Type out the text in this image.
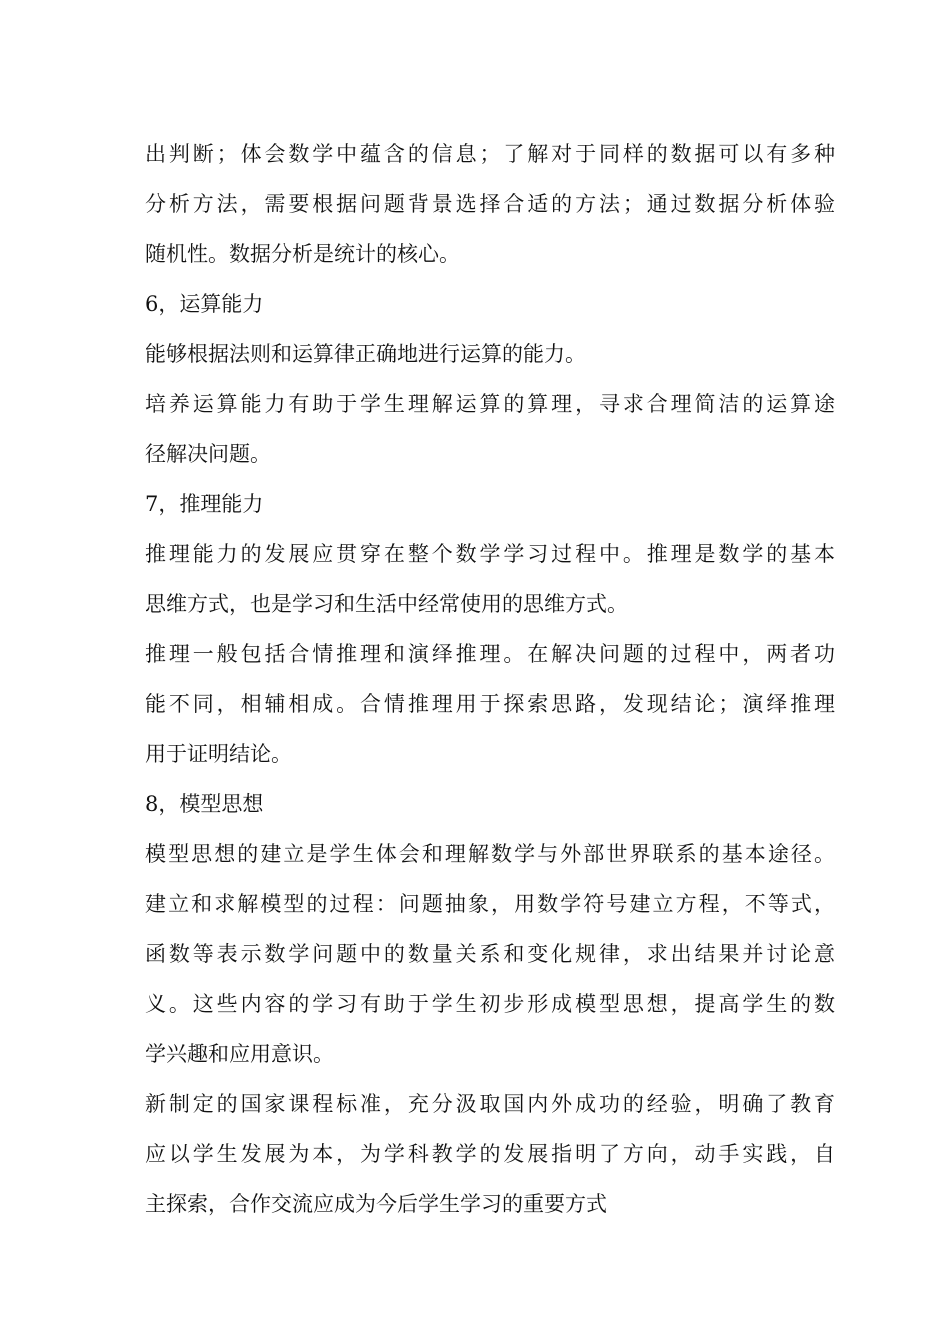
出判断；体会数学中蕴含的信息；了解对于同样的数据可以有多种
分析方法，需要根据问题背景选择合适的方法；通过数据分析体验
随机性。数据分析是统计的核心。
6，运算能力
能够根据法则和运算律正确地进行运算的能力。
培养运算能力有助于学生理解运算的算理，寻求合理简洁的运算途
径解决问题。
7，推理能力
推理能力的发展应贯穿在整个数学学习过程中。推理是数学的基本
思维方式，也是学习和生活中经常使用的思维方式。
推理一般包括合情推理和演绎推理。在解决问题的过程中，两者功
能不同，相辅相成。合情推理用于探索思路，发现结论；演绎推理
用于证明结论。
8，模型思想
模型思想的建立是学生体会和理解数学与外部世界联系的基本途径。
建立和求解模型的过程：问题抽象，用数学符号建立方程，不等式，
函数等表示数学问题中的数量关系和变化规律，求出结果并讨论意
义。这些内容的学习有助于学生初步形成模型思想，提高学生的数
学兴趣和应用意识。
新制定的国家课程标准，充分汲取国内外成功的经验，明确了教育
应以学生发展为本，为学科教学的发展指明了方向，动手实践，自
主探索，合作交流应成为今后学生学习的重要方式
